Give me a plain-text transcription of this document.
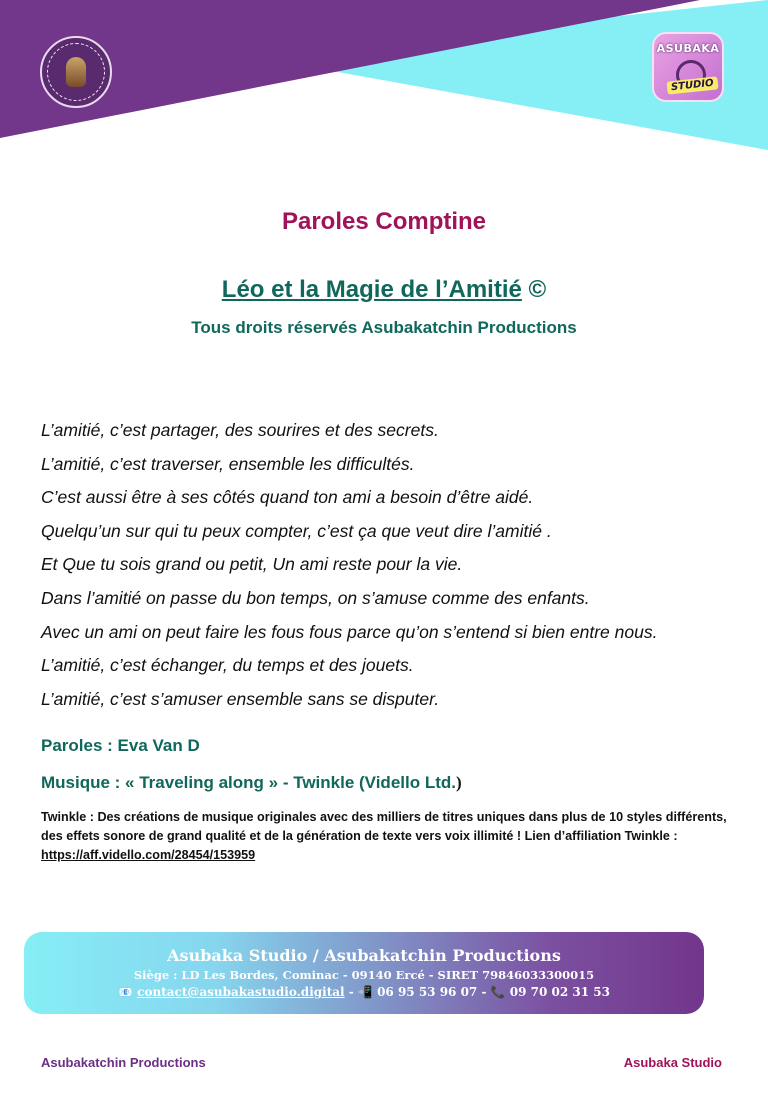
ASUBAKA
STUDIO
Paroles Comptine
Léo et la Magie de l’Amitié ©
Tous droits réservés Asubakatchin Productions
L’amitié, c’est partager, des sourires et des secrets.
L’amitié, c’est traverser, ensemble les difficultés.
C’est aussi être à ses côtés quand ton ami a besoin d’être aidé.
Quelqu’un sur qui tu peux compter, c’est ça que veut dire l’amitié .
Et Que tu sois grand ou petit, Un ami reste pour la vie.
Dans l’amitié on passe du bon temps, on s’amuse comme des enfants.
Avec un ami on peut faire les fous fous parce qu’on s’entend si bien entre nous.
L’amitié, c’est échanger, du temps et des jouets.
L’amitié, c’est s’amuser ensemble sans se disputer.
Paroles : Eva Van D
Musique : « Traveling along » - Twinkle (Vidello Ltd.)
Twinkle : Des créations de musique originales avec des milliers de titres uniques dans plus de 10 styles différents, des effets sonore de grand qualité et de la génération de texte vers voix illimité ! Lien d’affiliation Twinkle : https://aff.vidello.com/28454/153959
Asubaka Studio / Asubakatchin Productions
Siège : LD Les Bordes, Cominac - 09140 Ercé - SIRET 79846033300015
📧 contact@asubakastudio.digital - 📲 06 95 53 96 07 - 📞 09 70 02 31 53
Asubakatchin Productions	Asubaka Studio
